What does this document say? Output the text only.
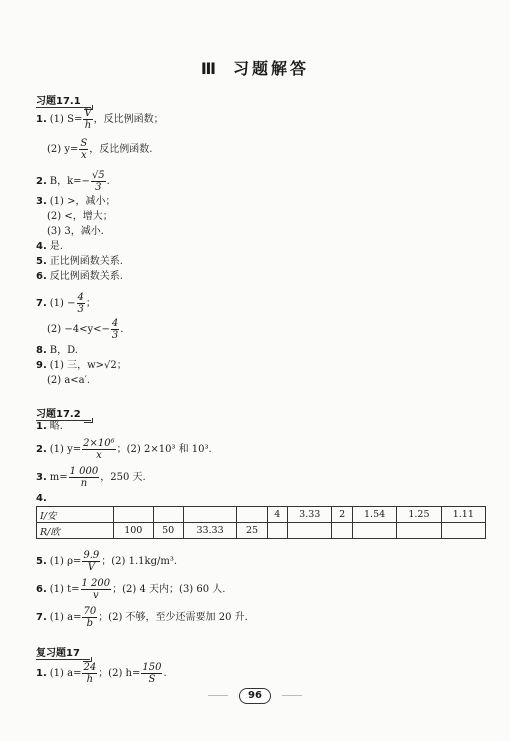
Ⅲ 习题解答
习题17.1
1. (1) $S= \frac{V}{h}$ ，反比例函数；
(2) $y= \frac{S}{x}$ ，反比例函数.
2. B，$k=- \frac{√5}{3}$ .
3. (1) >，减小；
(2) <，增大；
(3) 3，减小.
4. 是.
5. 正比例函数关系.
6. 反比例函数关系.
7. $(1) - \frac{4}{3}$ ；
$(2) -4<y<- \frac{4}{3}$ .
8. B，D.
9. (1) 三，w>√2；
(2) a<a′.
习题17.2
1. 略.
2. (1) $y= \frac{\text{2×10⁶}}{x}$ ；(2) 2×10³ 和 10³.
3. $m= \frac{1 000}{n}$ ，250 天.
4.
I/安					4	3.33	2	1.54	1.25	1.11
R/欧	100	50	33.33	25						
5. (1) $\rho= \frac{9.9}{V}$ ；(2) 1.1kg/m³.
6. (1) $t= \frac{1 200}{v}$ ；(2) 4 天内；(3) 60 人.
7. (1) $a= \frac{70}{b}$ ；(2) 不够，至少还需要加 20 升.
复习题17
1. (1) $a= \frac{24}{h}$ ；(2) $h= \frac{150}{S}$ .
96
